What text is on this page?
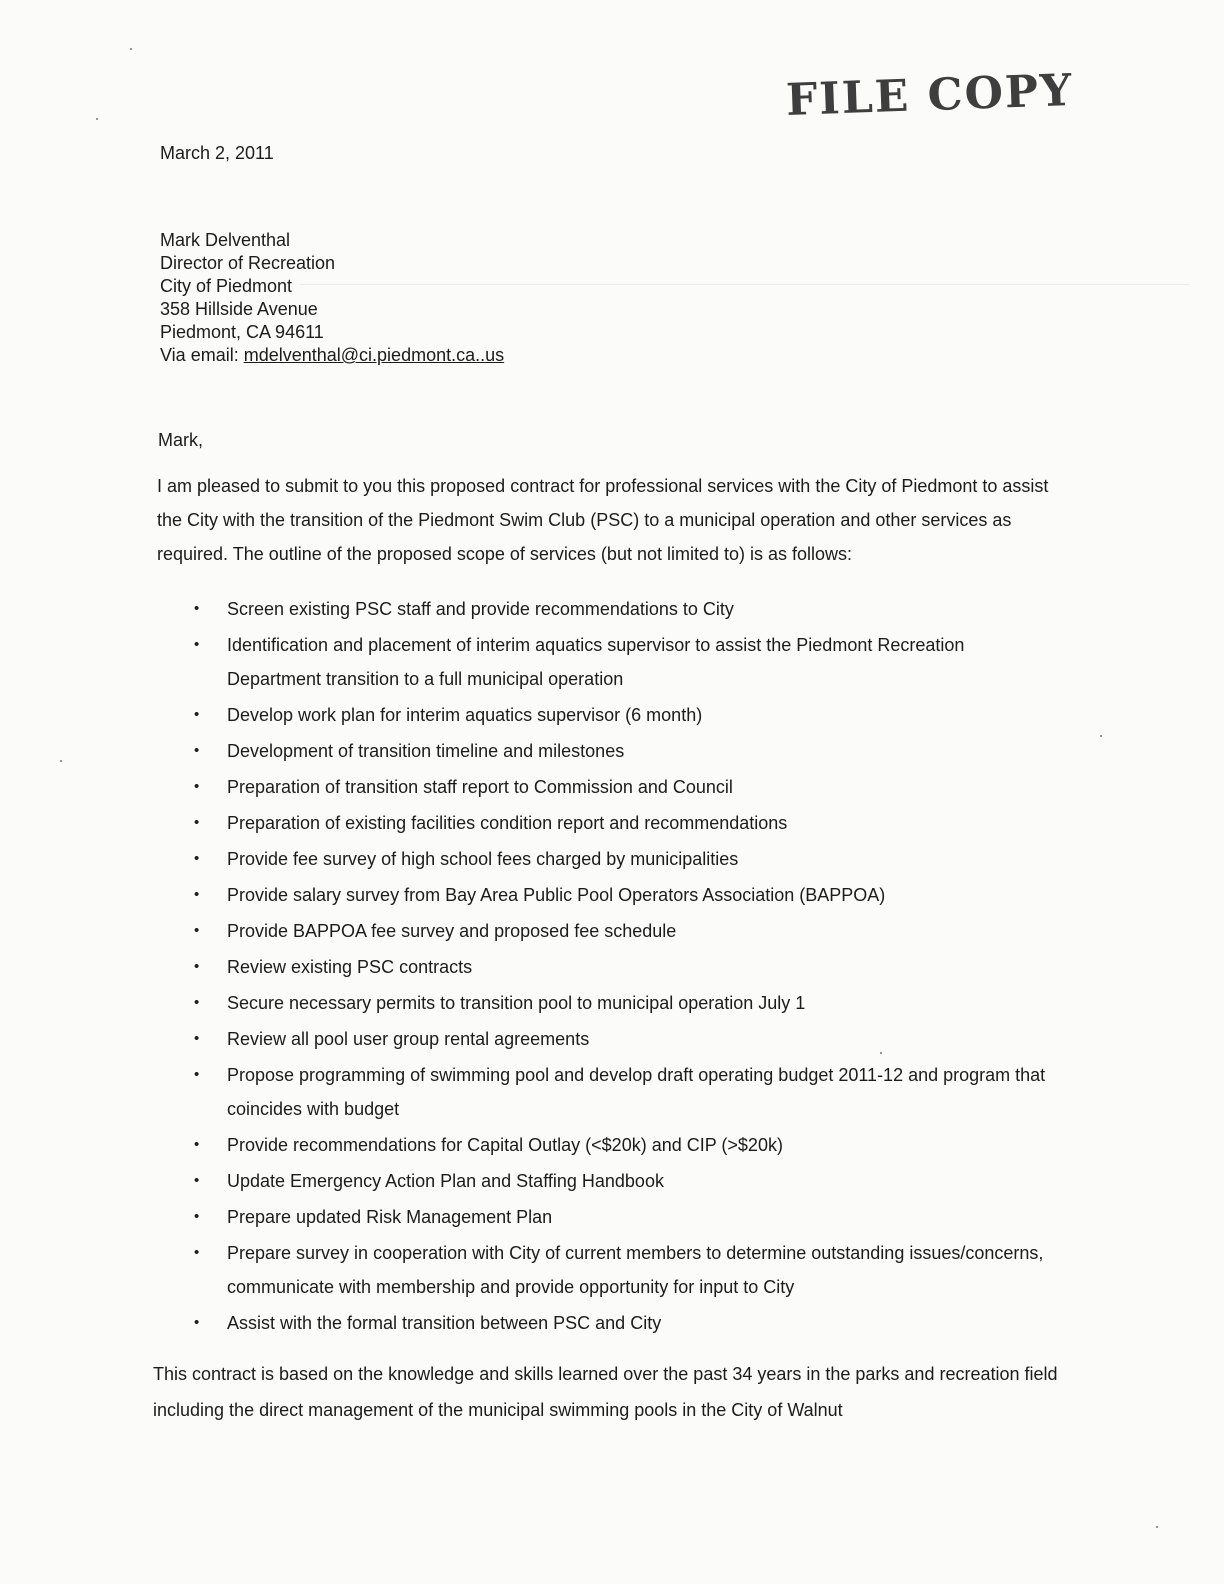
FILE COPY
March 2, 2011
Mark Delventhal
Director of Recreation
City of Piedmont
358 Hillside Avenue
Piedmont, CA 94611
Via email: mdelventhal@ci.piedmont.ca..us
Mark,
I am pleased to submit to you this proposed contract for professional services with the City of Piedmont to assist the City with the transition of the Piedmont Swim Club (PSC) to a municipal operation and other services as required. The outline of the proposed scope of services (but not limited to) is as follows:
• Screen existing PSC staff and provide recommendations to City
• Identification and placement of interim aquatics supervisor to assist the Piedmont Recreation Department transition to a full municipal operation
• Develop work plan for interim aquatics supervisor (6 month)
• Development of transition timeline and milestones
• Preparation of transition staff report to Commission and Council
• Preparation of existing facilities condition report and recommendations
• Provide fee survey of high school fees charged by municipalities
• Provide salary survey from Bay Area Public Pool Operators Association (BAPPOA)
• Provide BAPPOA fee survey and proposed fee schedule
• Review existing PSC contracts
• Secure necessary permits to transition pool to municipal operation July 1
• Review all pool user group rental agreements
• Propose programming of swimming pool and develop draft operating budget 2011-12 and program that coincides with budget
• Provide recommendations for Capital Outlay (<$20k) and CIP (>$20k)
• Update Emergency Action Plan and Staffing Handbook
• Prepare updated Risk Management Plan
• Prepare survey in cooperation with City of current members to determine outstanding issues/concerns, communicate with membership and provide opportunity for input to City
• Assist with the formal transition between PSC and City
This contract is based on the knowledge and skills learned over the past 34 years in the parks and recreation field including the direct management of the municipal swimming pools in the City of Walnut
